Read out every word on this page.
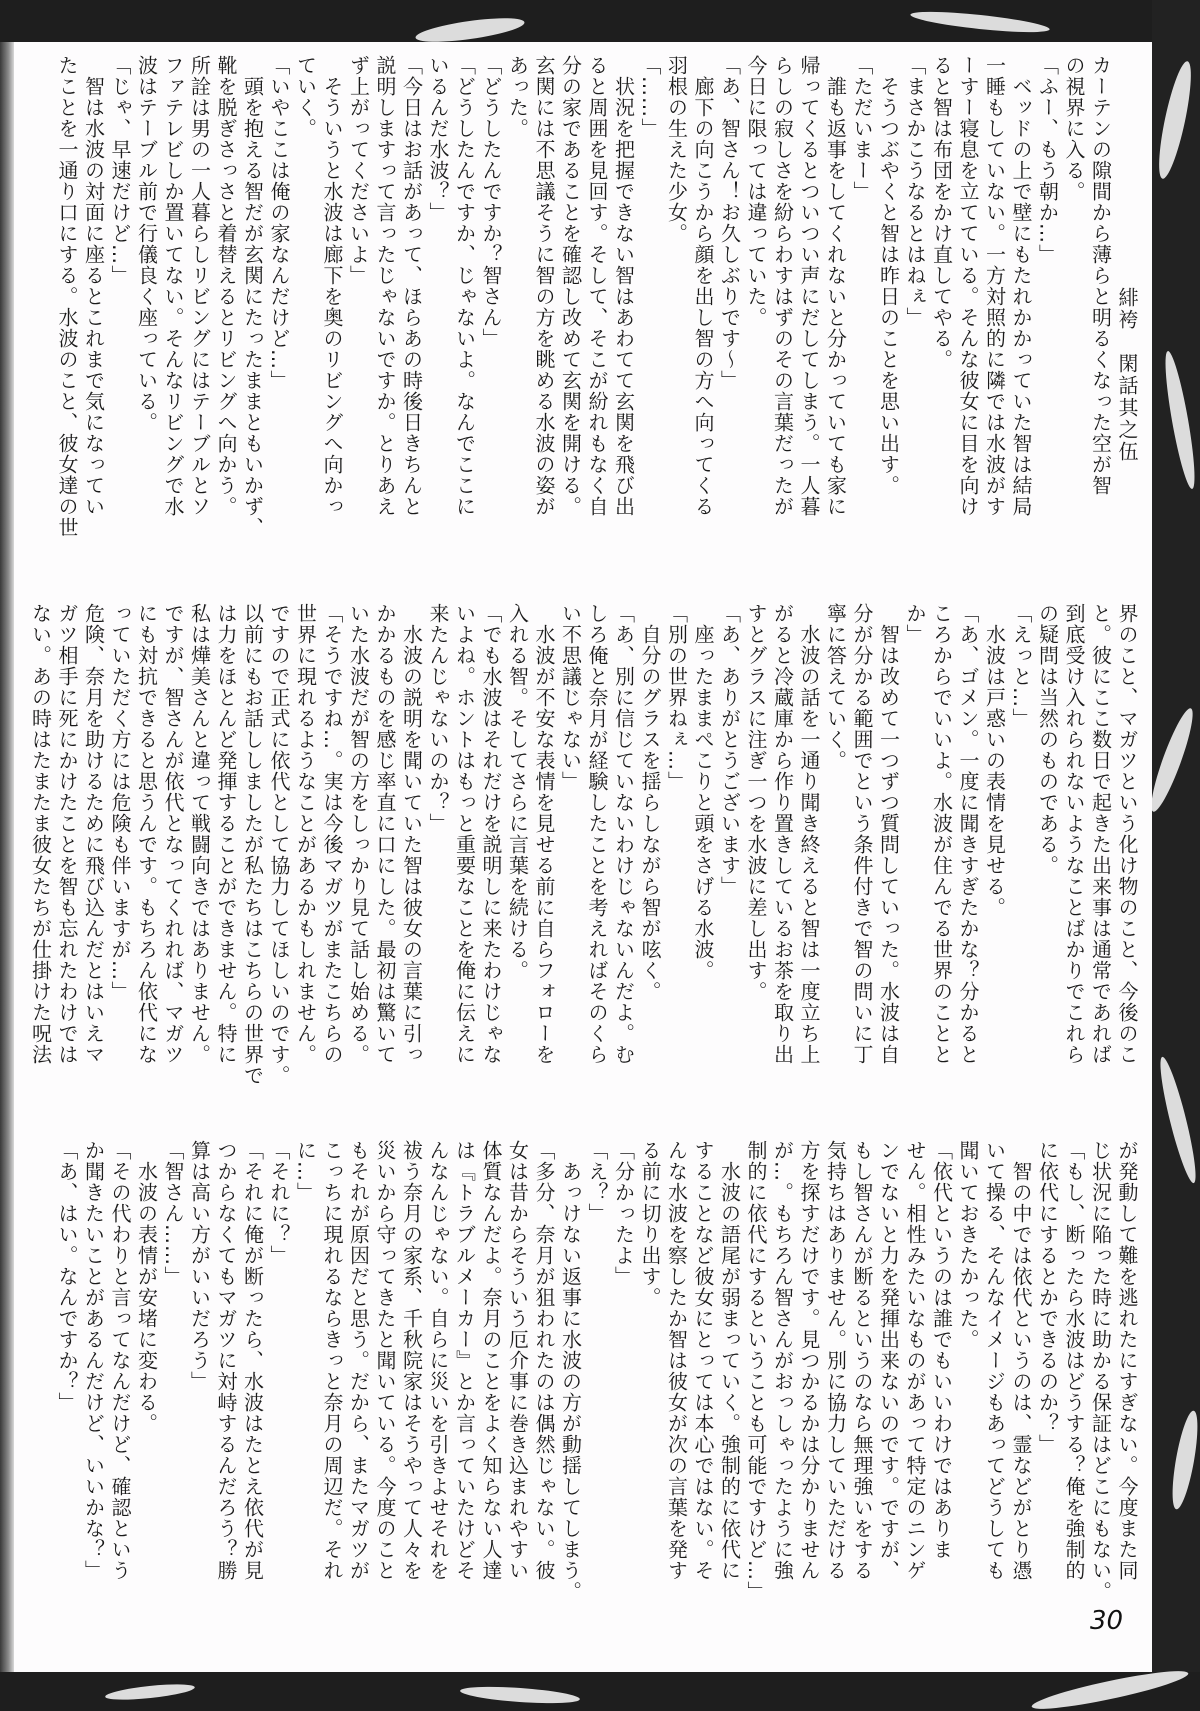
緋袴　閑話其之伍
カーテンの隙間から薄らと明るくなった空が智
の視界に入る。
「ふー、もう朝か…」
　ベッドの上で壁にもたれかかっていた智は結局
一睡もしていない。一方対照的に隣では水波がす
ーすー寝息を立てている。そんな彼女に目を向け
ると智は布団をかけ直してやる。
「まさかこうなるとはねぇ」
　そうつぶやくと智は昨日のことを思い出す。
「ただいまー」
　誰も返事をしてくれないと分かっていても家に
帰ってくるとついつい声にだしてしまう。一人暮
らしの寂しさを紛らわすはずのその言葉だったが
今日に限っては違っていた。
「あ、智さん！お久しぶりです〜」
　廊下の向こうから顔を出し智の方へ向ってくる
羽根の生えた少女。
「……」
　状況を把握できない智はあわてて玄関を飛び出
ると周囲を見回す。そして、そこが紛れもなく自
分の家であることを確認し改めて玄関を開ける。
玄関には不思議そうに智の方を眺める水波の姿が
あった。
「どうしたんですか？智さん」
「どうしたんですか、じゃないよ。なんでここに
いるんだ水波？」
「今日はお話があって、ほらあの時後日きちんと
説明しますって言ったじゃないですか。とりあえ
ず上がってくださいよ」
　そういうと水波は廊下を奥のリビングへ向かっ
ていく。
「いやここは俺の家なんだけど…」
　頭を抱える智だが玄関にたったままともいかず、
靴を脱ぎさっさと着替えるとリビングへ向かう。
所詮は男の一人暮らしリビングにはテーブルとソ
ファテレビしか置いてない。そんなリビングで水
波はテーブル前で行儀良く座っている。
「じゃ、早速だけど…」
　智は水波の対面に座るとこれまで気になってい
たことを一通り口にする。水波のこと、彼女達の世
界のこと、マガツという化け物のこと、今後のこ
と。彼にここ数日で起きた出来事は通常であれば
到底受け入れられないようなことばかりでこれら
の疑問は当然のものである。
「えっと…」
　水波は戸惑いの表情を見せる。
「あ、ゴメン。一度に聞きすぎたかな？分かると
ころからでいいよ。水波が住んでる世界のことと
か」
　智は改めて一つずつ質問していった。水波は自
分が分かる範囲でという条件付きで智の問いに丁
寧に答えていく。
　水波の話を一通り聞き終えると智は一度立ち上
がると冷蔵庫から作り置きしているお茶を取り出
すとグラスに注ぎ一つを水波に差し出す。
「あ、ありがとうございます」
　座ったままぺこりと頭をさげる水波。
「別の世界ねぇ…」
　自分のグラスを揺らしながら智が呟く。
「あ、別に信じていないわけじゃないんだよ。む
しろ俺と奈月が経験したことを考えればそのくら
い不思議じゃない」
　水波が不安な表情を見せる前に自らフォローを
入れる智。そしてさらに言葉を続ける。
「でも水波はそれだけを説明しに来たわけじゃな
いよね。ホントはもっと重要なことを俺に伝えに
来たんじゃないのか？」
　水波の説明を聞いていた智は彼女の言葉に引っ
かかるものを感じ率直に口にした。最初は驚いて
いた水波だが智の方をしっかり見て話し始める。
「そうですね…。実は今後マガツがまたこちらの
世界に現れるようなことがあるかもしれません。
ですので正式に依代として協力してほしいのです。
以前にもお話ししましたが私たちはこちらの世界で
は力をほとんど発揮することができません。特に
私は燁美さんと違って戦闘向きではありません。
ですが、智さんが依代となってくれれば、マガツ
にも対抗できると思うんです。もちろん依代にな
っていただく方には危険も伴いますが…」
危険、奈月を助けるために飛び込んだとはいえマ
ガツ相手に死にかけたことを智も忘れたわけでは
ない。あの時はたまたま彼女たちが仕掛けた呪法
が発動して難を逃れたにすぎない。今度また同
じ状況に陥った時に助かる保証はどこにもない。
「もし、断ったら水波はどうする？俺を強制的
に依代にするとかできるのか？」
　智の中では依代というのは、霊などがとり憑
いて操る、そんなイメージもあってどうしても
聞いておきたかった。
「依代というのは誰でもいいわけではありま
せん。相性みたいなものがあって特定のニンゲ
ンでないと力を発揮出来ないのです。ですが、
もし智さんが断るというのなら無理強いをする
気持ちはありません。別に協力していただける
方を探すだけです。見つかるかは分かりません
が…。もちろん智さんがおっしゃったように強
制的に依代にするということも可能ですけど…」
　水波の語尾が弱まっていく。強制的に依代に
することなど彼女にとっては本心ではない。そ
んな水波を察したか智は彼女が次の言葉を発す
る前に切り出す。
「分かったよ」
「え？」
　あっけない返事に水波の方が動揺してしまう。
「多分、奈月が狙われたのは偶然じゃない。彼
女は昔からそういう厄介事に巻き込まれやすい
体質なんだよ。奈月のことをよく知らない人達
は『トラブルメーカー』とか言っていたけどそ
んなんじゃない。自らに災いを引きよせそれを
祓う奈月の家系、千秋院家はそうやって人々を
災いから守ってきたと聞いている。今度のこと
もそれが原因だと思う。だから、またマガツが
こっちに現れるならきっと奈月の周辺だ。それ
に…」
「それに？」
「それに俺が断ったら、水波はたとえ依代が見
つからなくてもマガツに対峙するんだろう？勝
算は高い方がいいだろう」
「智さん……」
　水波の表情が安堵に変わる。
「その代わりと言ってなんだけど、確認という
か聞きたいことがあるんだけど、いいかな？」
「あ、はい。なんですか？」
30
